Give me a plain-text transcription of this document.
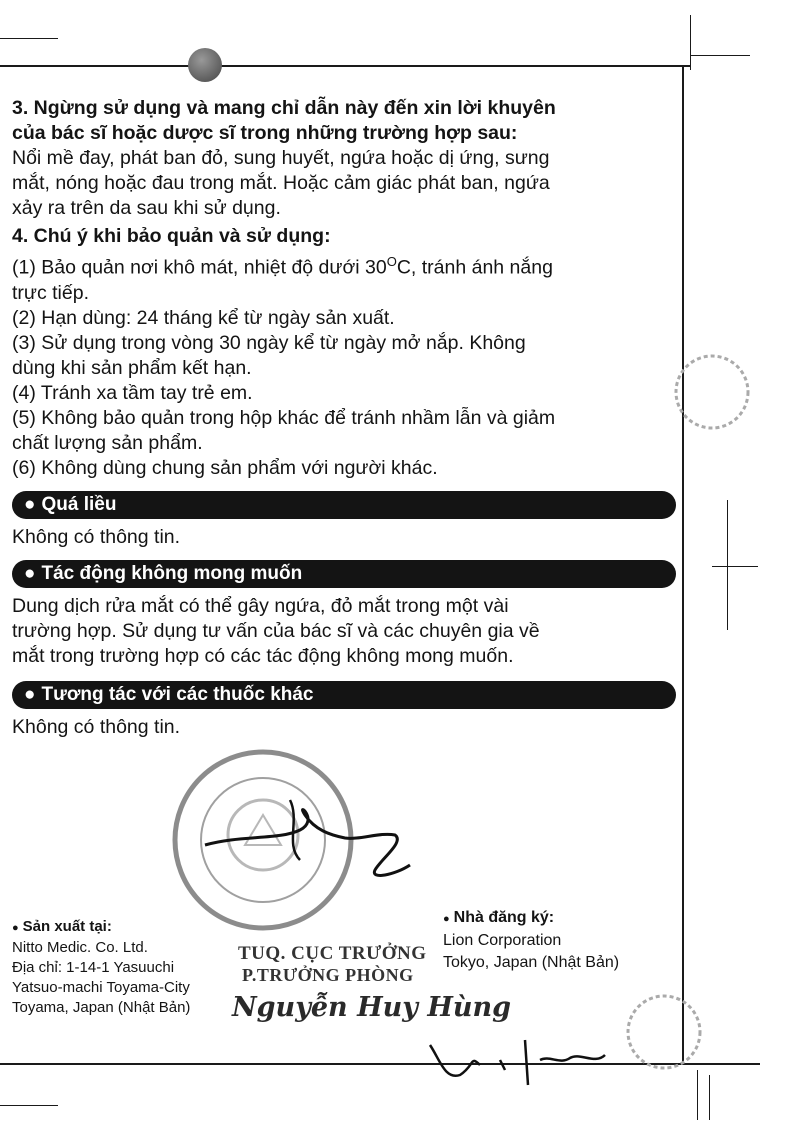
3. Ngừng sử dụng và mang chỉ dẫn này đến xin lời khuyên

của bác sĩ hoặc dược sĩ trong những trường hợp sau:

Nổi mề đay, phát ban đỏ, sung huyết, ngứa hoặc dị ứng, sưng

mắt, nóng hoặc đau trong mắt. Hoặc cảm giác phát ban, ngứa

xảy ra trên da sau khi sử dụng.

4. Chú ý khi bảo quản và sử dụng:

(1) Bảo quản nơi khô mát, nhiệt độ dưới $30^OC$, tránh ánh nắng

trực tiếp.

(2) Hạn dùng: 24 tháng kể từ ngày sản xuất.

(3) Sử dụng trong vòng 30 ngày kể từ ngày mở nắp. Không

dùng khi sản phẩm kết hạn.

(4) Tránh xa tầm tay trẻ em.

(5) Không bảo quản trong hộp khác để tránh nhầm lẫn và giảm

chất lượng sản phẩm.

(6) Không dùng chung sản phẩm với người khác.

● Quá liều

Không có thông tin.

● Tác động không mong muốn

Dung dịch rửa mắt có thể gây ngứa, đỏ mắt trong một vài

trường hợp. Sử dụng tư vấn của bác sĩ và các chuyên gia về

mắt trong trường hợp có các tác động không mong muốn.

● Tương tác với các thuốc khác

Không có thông tin.

● Sản xuất tại:
Nitto Medic. Co. Ltd.
Địa chỉ: 1-14-1 Yasuuchi
Yatsuo-machi Toyama-City
Toyama, Japan (Nhật Bản)
● Nhà đăng ký:
Lion Corporation
Tokyo, Japan (Nhật Bản)
TUQ. CỤC TRƯỞNG
P.TRƯỞNG PHÒNG
Nguyễn Huy Hùng
